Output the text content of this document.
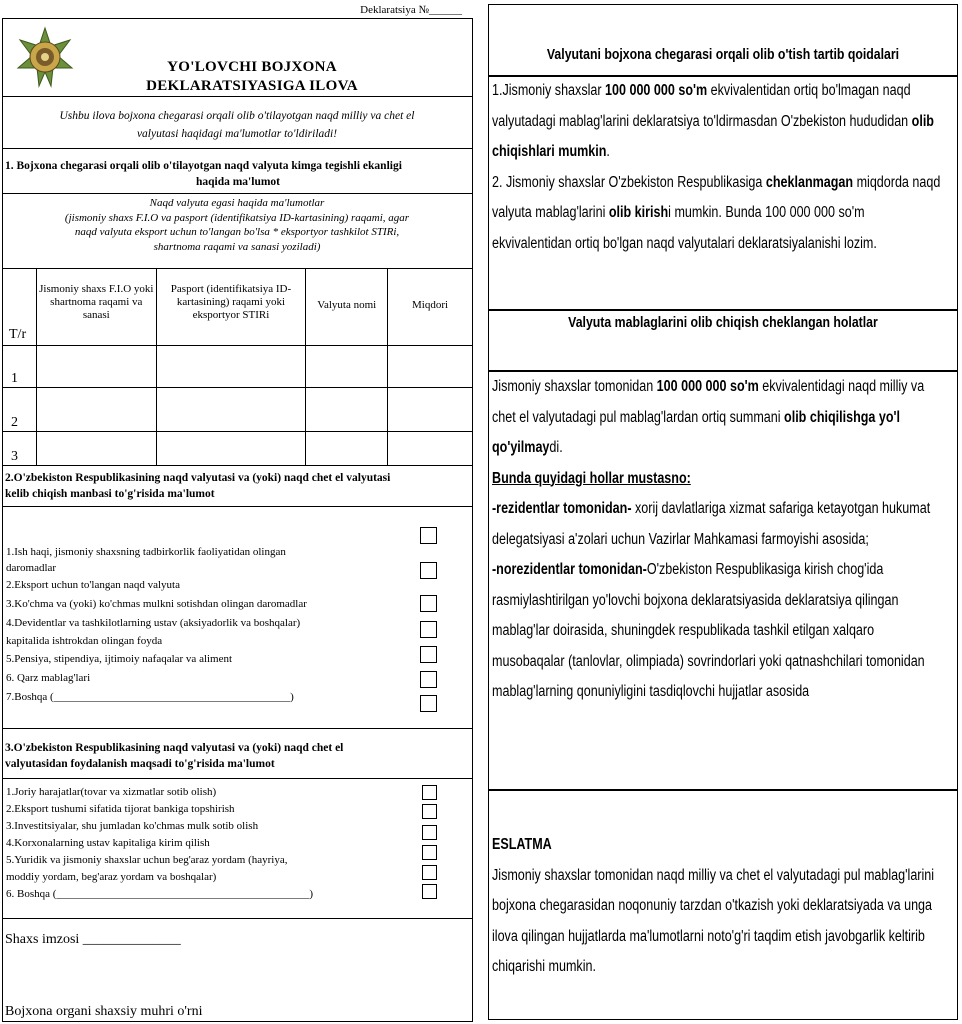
Deklaratsiya №______
YO'LOVCHI BOJXONA
DEKLARATSIYASIGA ILOVA
Ushbu ilova bojxona chegarasi orqali olib o'tilayotgan naqd milliy va chet el
valyutasi haqidagi ma'lumotlar to'ldiriladi!
1. Bojxona chegarasi orqali olib o'tilayotgan naqd valyuta kimga tegishli ekanligi
haqida ma'lumot
Naqd valyuta egasi haqida ma'lumotlar
(jismoniy shaxs F.I.O va pasport (identifikatsiya ID-kartasining) raqami, agar
naqd valyuta eksport uchun to'langan bo'lsa * eksportyor tashkilot STIRi,
shartnoma raqami va sanasi yoziladi)
T/r	Jismoniy shaxs F.I.O yoki shartnoma raqami va sanasi	Pasport (identifikatsiya ID-kartasining) raqami yoki eksportyor STIRi	Valyuta nomi	Miqdori
1				
2				
3				
2.O'zbekiston Respublikasining naqd valyutasi va (yoki) naqd chet el valyutasi
kelib chiqish manbasi to'g'risida ma'lumot
1.Ish haqi, jismoniy shaxsning tadbirkorlik faoliyatidan olingan
daromadlar
2.Eksport uchun to'langan naqd valyuta
3.Ko'chma va (yoki) ko'chmas mulkni sotishdan olingan daromadlar
4.Devidentlar va tashkilotlarning ustav (aksiyadorlik va boshqalar)
kapitalida ishtrokdan olingan foyda
5.Pensiya, stipendiya, ijtimoiy nafaqalar va aliment
6. Qarz mablag'lari
7.Boshqa (___________________________________________)
3.O'zbekiston Respublikasining naqd valyutasi va (yoki) naqd chet el
valyutasidan foydalanish maqsadi to'g'risida ma'lumot
1.Joriy harajatlar(tovar va xizmatlar sotib olish)
2.Eksport tushumi sifatida tijorat bankiga topshirish
3.Investitsiyalar, shu jumladan ko'chmas mulk sotib olish
4.Korxonalarning ustav kapitaliga kirim qilish
5.Yuridik va jismoniy shaxslar uchun beg'araz yordam (hayriya,
moddiy yordam, beg'araz yordam va boshqalar)
6. Boshqa (______________________________________________)
Shaxs imzosi ______________
Bojxona organi shaxsiy muhri o'rni
Valyutani bojxona chegarasi orqali olib o'tish tartib qoidalari
1.Jismoniy shaxslar 100 000 000 so'm ekvivalentidan ortiq bo'lmagan naqd valyutadagi mablag'larini deklaratsiya to'ldirmasdan O'zbekiston hududidan olib chiqishlari mumkin.
2. Jismoniy shaxslar O'zbekiston Respublikasiga cheklanmagan miqdorda naqd valyuta mablag'larini olib kirishi mumkin. Bunda 100 000 000 so'm ekvivalentidan ortiq bo'lgan naqd valyutalari deklaratsiyalanishi lozim.
Valyuta mablaglarini olib chiqish cheklangan holatlar
Jismoniy shaxslar tomonidan 100 000 000 so'm ekvivalentidagi naqd milliy va chet el valyutadagi pul mablag'lardan ortiq summani olib chiqilishga yo'l qo'yilmaydi.
Bunda quyidagi hollar mustasno:
-rezidentlar tomonidan- xorij davlatlariga xizmat safariga ketayotgan hukumat delegatsiyasi a'zolari uchun Vazirlar Mahkamasi farmoyishi asosida;
-norezidentlar tomonidan-O'zbekiston Respublikasiga kirish chog'ida rasmiylashtirilgan yo'lovchi bojxona deklaratsiyasida deklaratsiya qilingan mablag'lar doirasida, shuningdek respublikada tashkil etilgan xalqaro musobaqalar (tanlovlar, olimpiada) sovrindorlari yoki qatnashchilari tomonidan mablag'larning qonuniyligini tasdiqlovchi hujjatlar asosida
ESLATMA
Jismoniy shaxslar tomonidan naqd milliy va chet el valyutadagi pul mablag'larini bojxona chegarasidan noqonuniy tarzdan o'tkazish yoki deklaratsiyada va unga ilova qilingan hujjatlarda ma'lumotlarni noto'g'ri taqdim etish javobgarlik keltirib chiqarishi mumkin.
